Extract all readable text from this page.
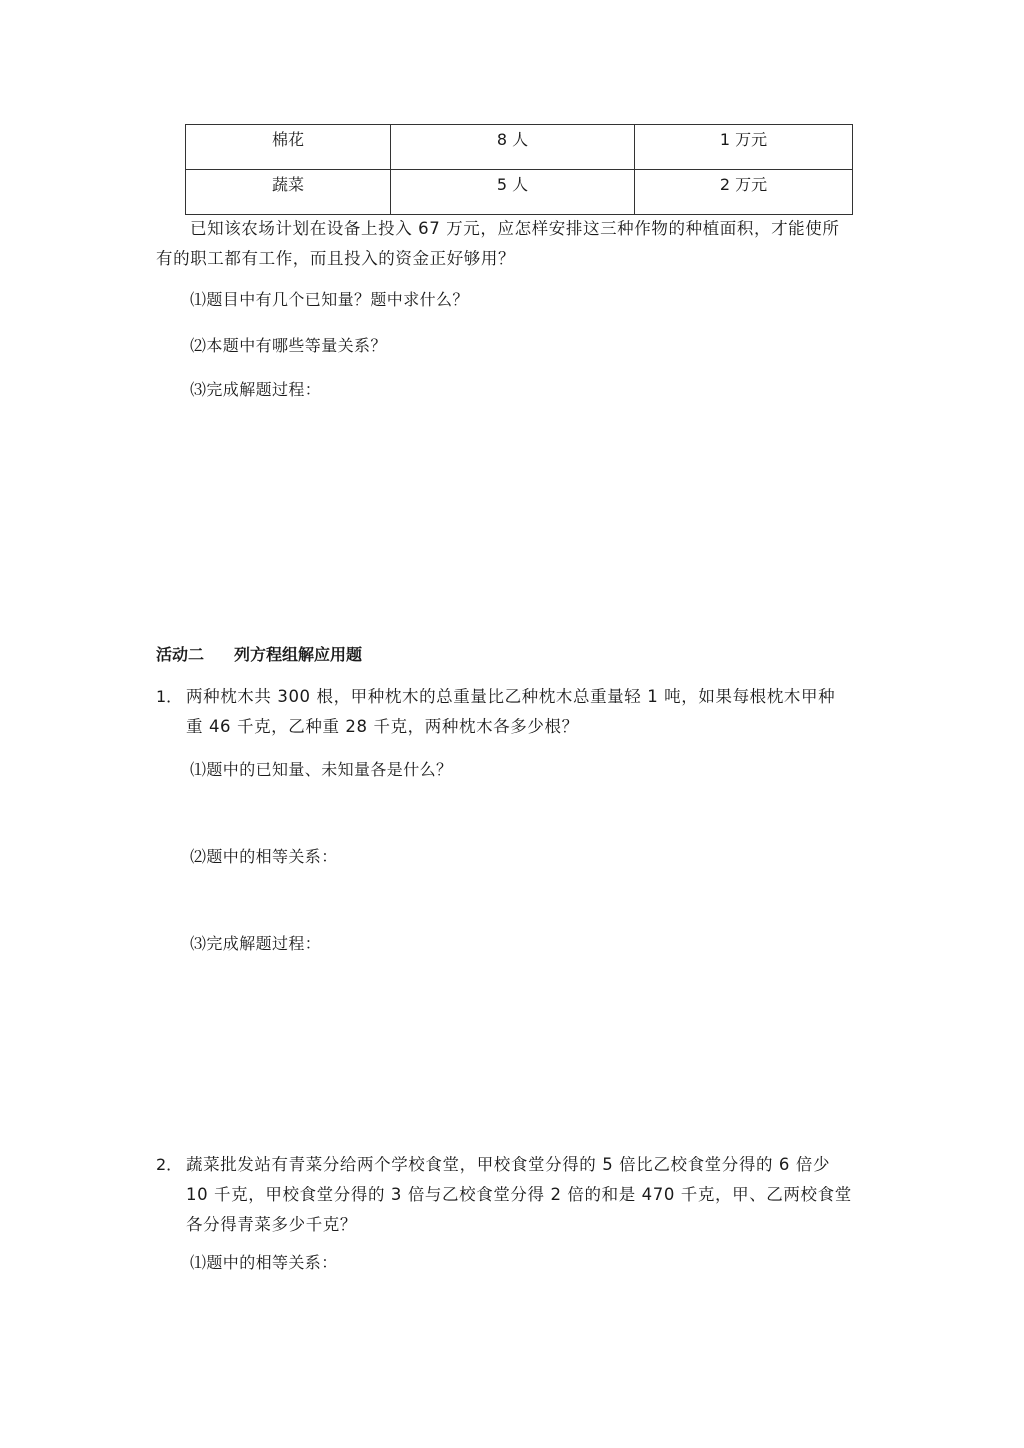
棉花	8 人	1 万元
蔬菜	5 人	2 万元

已知该农场计划在设备上投入 67 万元，应怎样安排这三种作物的种植面积，才能使所

有的职工都有工作，而且投入的资金正好够用？

⑴题目中有几个已知量？题中求什么？

⑵本题中有哪些等量关系？

⑶完成解题过程：

活动二 列方程组解应用题

1． 两种枕木共 300 根，甲种枕木的总重量比乙种枕木总重量轻 1 吨，如果每根枕木甲种

重 46 千克，乙种重 28 千克，两种枕木各多少根？

⑴题中的已知量、未知量各是什么？

⑵题中的相等关系：

⑶完成解题过程：

2． 蔬菜批发站有青菜分给两个学校食堂，甲校食堂分得的 5 倍比乙校食堂分得的 6 倍少

10 千克，甲校食堂分得的 3 倍与乙校食堂分得 2 倍的和是 470 千克，甲、乙两校食堂

各分得青菜多少千克？

⑴题中的相等关系：
